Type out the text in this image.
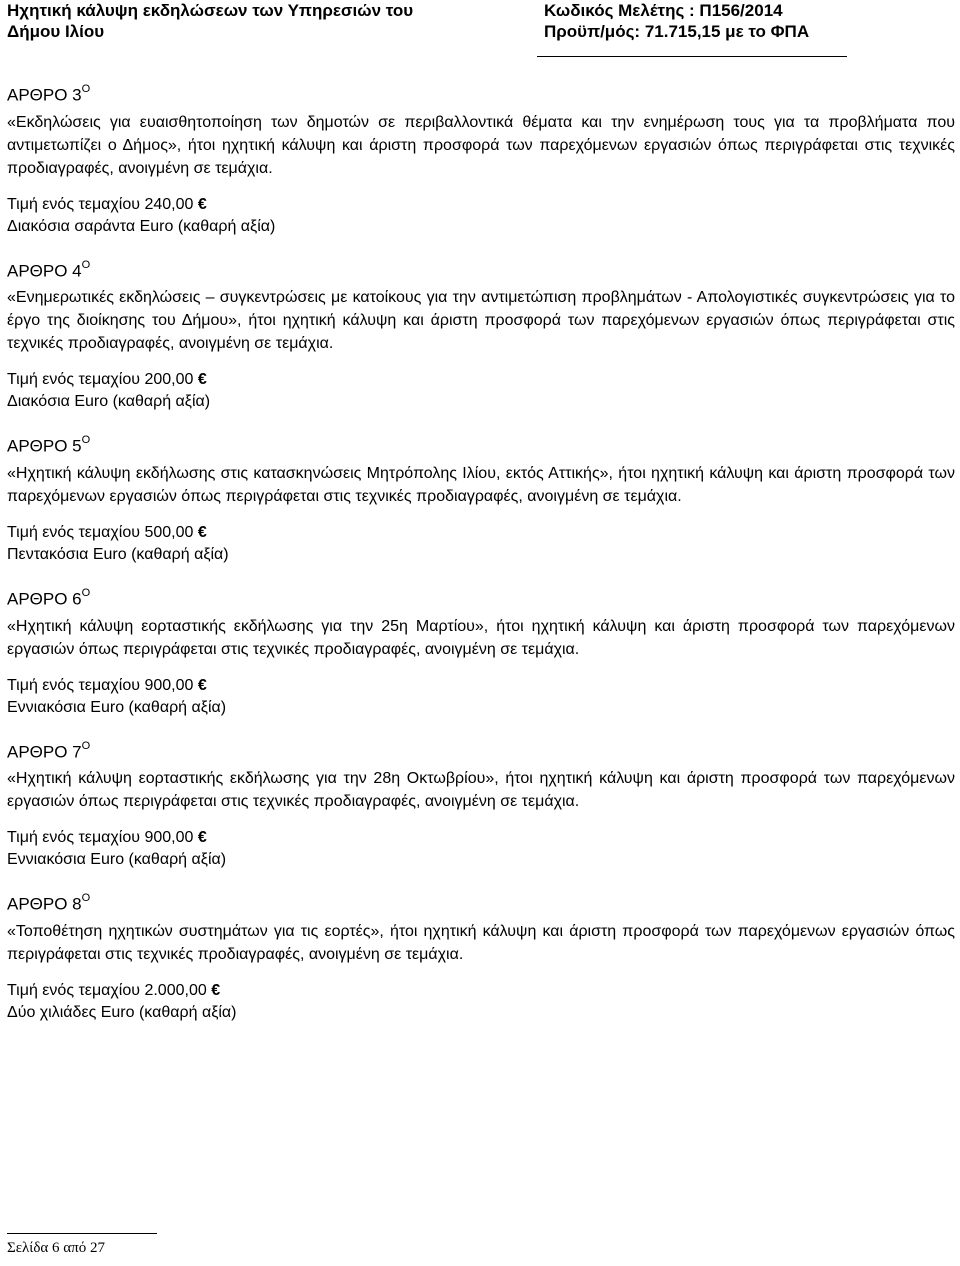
Ηχητική κάλυψη εκδηλώσεων των Υπηρεσιών του
Δήμου Ιλίου
Κωδικός Μελέτης : Π156/2014
Προϋπ/μός: 71.715,15 με το ΦΠΑ
ΑΡΘΡΟ $3^O$

«Εκδηλώσεις για ευαισθητοποίηση των δημοτών σε περιβαλλοντικά θέματα και την ενημέρωση τους για τα προβλήματα που αντιμετωπίζει ο Δήμος», ήτοι ηχητική κάλυψη και άριστη προσφορά των παρεχόμενων εργασιών όπως περιγράφεται στις τεχνικές προδιαγραφές, ανοιγμένη σε τεμάχια.

Τιμή ενός τεμαχίου 240,00 €
Διακόσια σαράντα Euro (καθαρή αξία)
ΑΡΘΡΟ $4^O$

«Ενημερωτικές εκδηλώσεις – συγκεντρώσεις με κατοίκους για την αντιμετώπιση προβλημάτων - Απολογιστικές συγκεντρώσεις για το έργο της διοίκησης του Δήμου», ήτοι ηχητική κάλυψη και άριστη προσφορά των παρεχόμενων εργασιών όπως περιγράφεται στις τεχνικές προδιαγραφές, ανοιγμένη σε τεμάχια.

Τιμή ενός τεμαχίου 200,00 €
Διακόσια Euro (καθαρή αξία)
ΑΡΘΡΟ $5^O$

«Ηχητική κάλυψη εκδήλωσης στις κατασκηνώσεις Μητρόπολης Ιλίου, εκτός Αττικής», ήτοι ηχητική κάλυψη και άριστη προσφορά των παρεχόμενων εργασιών όπως περιγράφεται στις τεχνικές προδιαγραφές, ανοιγμένη σε τεμάχια.

Τιμή ενός τεμαχίου 500,00 €
Πεντακόσια Euro (καθαρή αξία)
ΑΡΘΡΟ $6^O$

«Ηχητική κάλυψη εορταστικής εκδήλωσης για την 25η Μαρτίου», ήτοι ηχητική κάλυψη και άριστη προσφορά των παρεχόμενων εργασιών όπως περιγράφεται στις τεχνικές προδιαγραφές, ανοιγμένη σε τεμάχια.

Τιμή ενός τεμαχίου 900,00 €
Εννιακόσια Euro (καθαρή αξία)
ΑΡΘΡΟ $7^O$

«Ηχητική κάλυψη εορταστικής εκδήλωσης για την 28η Οκτωβρίου», ήτοι ηχητική κάλυψη και άριστη προσφορά των παρεχόμενων εργασιών όπως περιγράφεται στις τεχνικές προδιαγραφές, ανοιγμένη σε τεμάχια.

Τιμή ενός τεμαχίου 900,00 €
Εννιακόσια Euro (καθαρή αξία)
ΑΡΘΡΟ $8^O$

«Τοποθέτηση ηχητικών συστημάτων για τις εορτές», ήτοι ηχητική κάλυψη και άριστη προσφορά των παρεχόμενων εργασιών όπως περιγράφεται στις τεχνικές προδιαγραφές, ανοιγμένη σε τεμάχια.

Τιμή ενός τεμαχίου 2.000,00 €
Δύο χιλιάδες Euro (καθαρή αξία)
Σελίδα 6 από 27
